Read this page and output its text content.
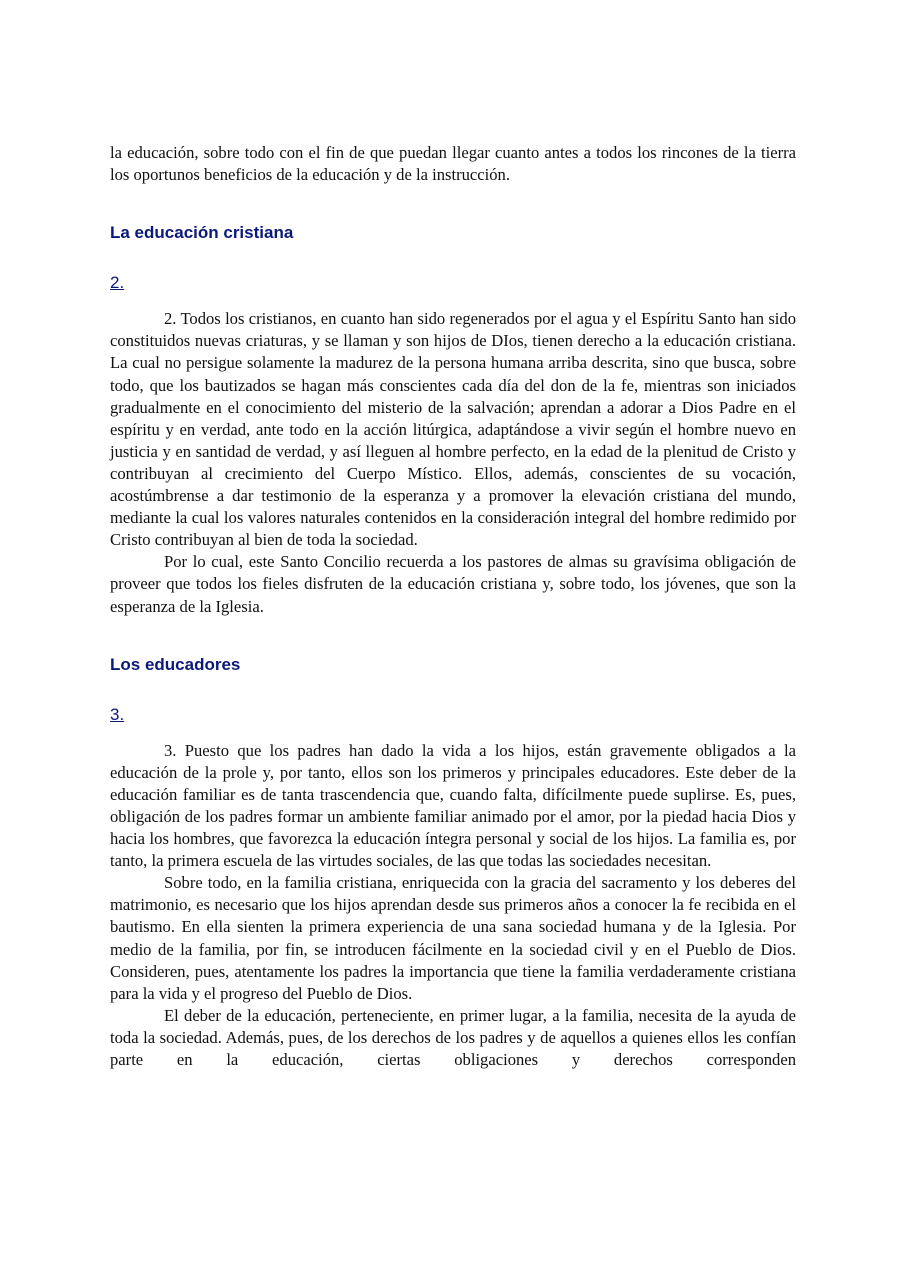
la educación, sobre todo con el fin de que puedan llegar cuanto antes a todos los rincones de la tierra los oportunos beneficios de la educación y de la instrucción.

La educación cristiana
2.

2. Todos los cristianos, en cuanto han sido regenerados por el agua y el Espíritu Santo han sido constituidos nuevas criaturas, y se llaman y son hijos de DIos, tienen derecho a la educación cristiana. La cual no persigue solamente la madurez de la persona humana arriba descrita, sino que busca, sobre todo, que los bautizados se hagan más conscientes cada día del don de la fe, mientras son iniciados gradualmente en el conocimiento del misterio de la salvación; aprendan a adorar a Dios Padre en el espíritu y en verdad, ante todo en la acción litúrgica, adaptándose a vivir según el hombre nuevo en justicia y en santidad de verdad, y así lleguen al hombre perfecto, en la edad de la plenitud de Cristo y contribuyan al crecimiento del Cuerpo Místico. Ellos, además, conscientes de su vocación, acostúmbrense a dar testimonio de la esperanza y a promover la elevación cristiana del mundo, mediante la cual los valores naturales contenidos en la consideración integral del hombre redimido por Cristo contribuyan al bien de toda la sociedad.

Por lo cual, este Santo Concilio recuerda a los pastores de almas su gravísima obligación de proveer que todos los fieles disfruten de la educación cristiana y, sobre todo, los jóvenes, que son la esperanza de la Iglesia.

Los educadores
3.

3. Puesto que los padres han dado la vida a los hijos, están gravemente obligados a la educación de la prole y, por tanto, ellos son los primeros y principales educadores. Este deber de la educación familiar es de tanta trascendencia que, cuando falta, difícilmente puede suplirse. Es, pues, obligación de los padres formar un ambiente familiar animado por el amor, por la piedad hacia Dios y hacia los hombres, que favorezca la educación íntegra personal y social de los hijos. La familia es, por tanto, la primera escuela de las virtudes sociales, de las que todas las sociedades necesitan.

Sobre todo, en la familia cristiana, enriquecida con la gracia del sacramento y los deberes del matrimonio, es necesario que los hijos aprendan desde sus primeros años a conocer la fe recibida en el bautismo. En ella sienten la primera experiencia de una sana sociedad humana y de la Iglesia. Por medio de la familia, por fin, se introducen fácilmente en la sociedad civil y en el Pueblo de Dios. Consideren, pues, atentamente los padres la importancia que tiene la familia verdaderamente cristiana para la vida y el progreso del Pueblo de Dios.

El deber de la educación, perteneciente, en primer lugar, a la familia, necesita de la ayuda de toda la sociedad. Además, pues, de los derechos de los padres y de aquellos a quienes ellos les confían parte en la educación, ciertas obligaciones y derechos corresponden
